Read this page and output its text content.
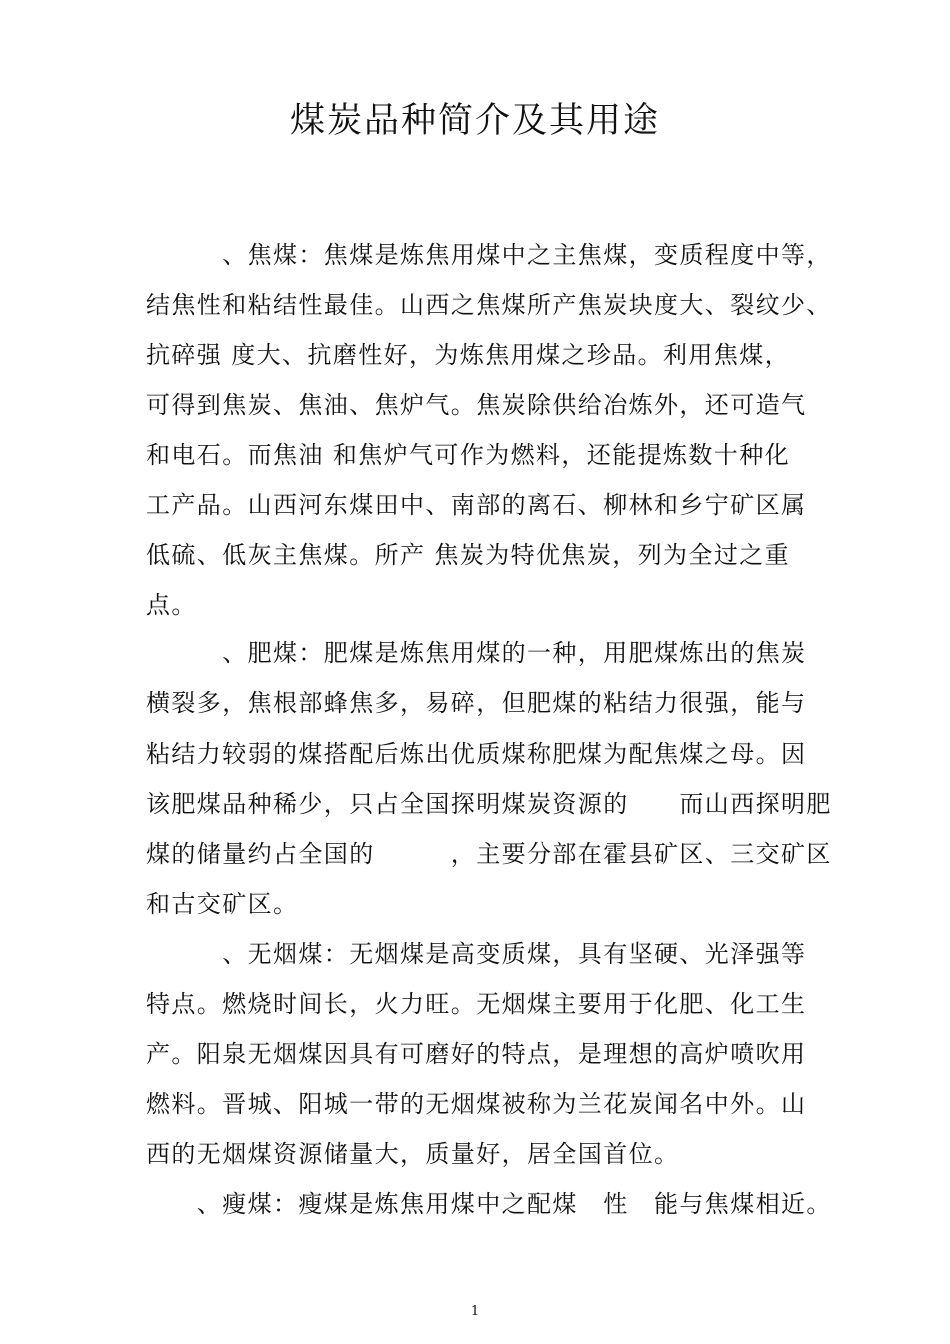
煤炭品种简介及其用途
　　　、焦煤：焦煤是炼焦用煤中之主焦煤，变质程度中等，
结焦性和粘结性最佳。山西之焦煤所产焦炭块度大、裂纹少、
抗碎强 度大、抗磨性好，为炼焦用煤之珍品。利用焦煤，
可得到焦炭、焦油、焦炉气。焦炭除供给冶炼外，还可造气
和电石。而焦油 和焦炉气可作为燃料，还能提炼数十种化
工产品。山西河东煤田中、南部的离石、柳林和乡宁矿区属
低硫、低灰主焦煤。所产 焦炭为特优焦炭，列为全过之重
点。
　　　、肥煤：肥煤是炼焦用煤的一种，用肥煤炼出的焦炭
横裂多，焦根部蜂焦多，易碎，但肥煤的粘结力很强，能与
粘结力较弱的煤搭配后炼出优质煤称肥煤为配焦煤之母。因
该肥煤品种稀少，只占全国探明煤炭资源的　　而山西探明肥
煤的储量约占全国的　　　，主要分部在霍县矿区、三交矿区
和古交矿区。
　　　、无烟煤：无烟煤是高变质煤，具有坚硬、光泽强等
特点。燃烧时间长，火力旺。无烟煤主要用于化肥、化工生
产。阳泉无烟煤因具有可磨好的特点，是理想的高炉喷吹用
燃料。晋城、阳城一带的无烟煤被称为兰花炭闻名中外。山
西的无烟煤资源储量大，质量好，居全国首位。
　　、瘦煤：瘦煤是炼焦用煤中之配煤　性　能与焦煤相近。
1
